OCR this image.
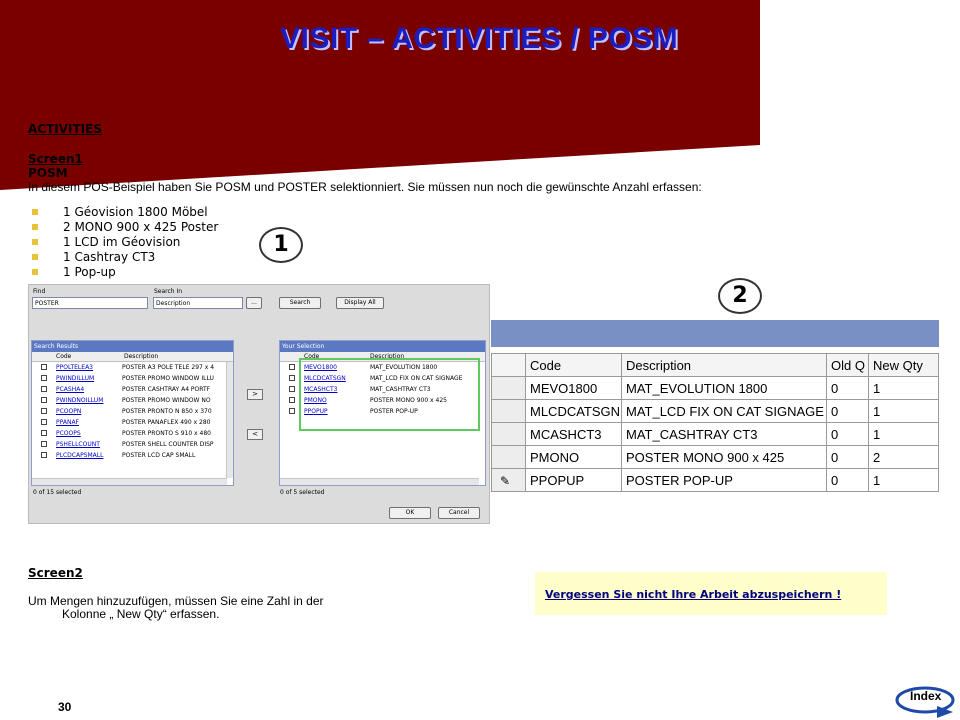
VISIT – ACTIVITIES / POSM
ACTIVITIES
Screen1
POSM
In diesem POS-Beispiel haben Sie POSM und POSTER selektionniert. Sie müssen nun noch die gewünschte Anzahl erfassen:
1 Géovision 1800 Möbel
2 MONO 900 x 425 Poster
1 LCD im Géovision
1 Cashtray CT3
1 Pop-up
1
2
Find
POSTER
Search In
Description	...	Search	Display All
Search Results
Code	Description
PPOLTELEA3	POSTER A3 POLE TELE 297 x 4
PWINDILLUM	POSTER PROMO WINDOW ILLU
PCASHA4	POSTER CASHTRAY A4 PORTF
PWINDNOILLUM	POSTER PROMO WINDOW NO
PCOOPN	POSTER PRONTO N 850 x 370
PPANAF	POSTER PANAFLEX 490 x 280
PCOOPS	POSTER PRONTO S 910 x 480
PSHELLCOUNT	POSTER SHELL COUNTER DISP
PLCDCAPSMALL	POSTER LCD CAP SMALL
0 of 15 selected
>
<
Your Selection
Code	Description
MEVO1800	MAT_EVOLUTION 1800
MLCDCATSGN	MAT_LCD FIX ON CAT SIGNAGE
MCASHCT3	MAT_CASHTRAY CT3
PMONO	POSTER MONO 900 x 425
PPOPUP	POSTER POP-UP
0 of 5 selected
OK	Cancel
	Code	Description	Old Q	New Qty
	MEVO1800	MAT_EVOLUTION 1800	0	1
	MLCDCATSGN	MAT_LCD FIX ON CAT SIGNAGE	0	1
	MCASHCT3	MAT_CASHTRAY CT3	0	1
	PMONO	POSTER MONO 900 x 425	0	2
✎	PPOPUP	POSTER POP-UP	0	1
Screen2
Um Mengen hinzuzufügen, müssen Sie eine Zahl in der
Kolonne „ New Qty“ erfassen.
Vergessen Sie nicht Ihre Arbeit abzuspeichern !
30
Index
